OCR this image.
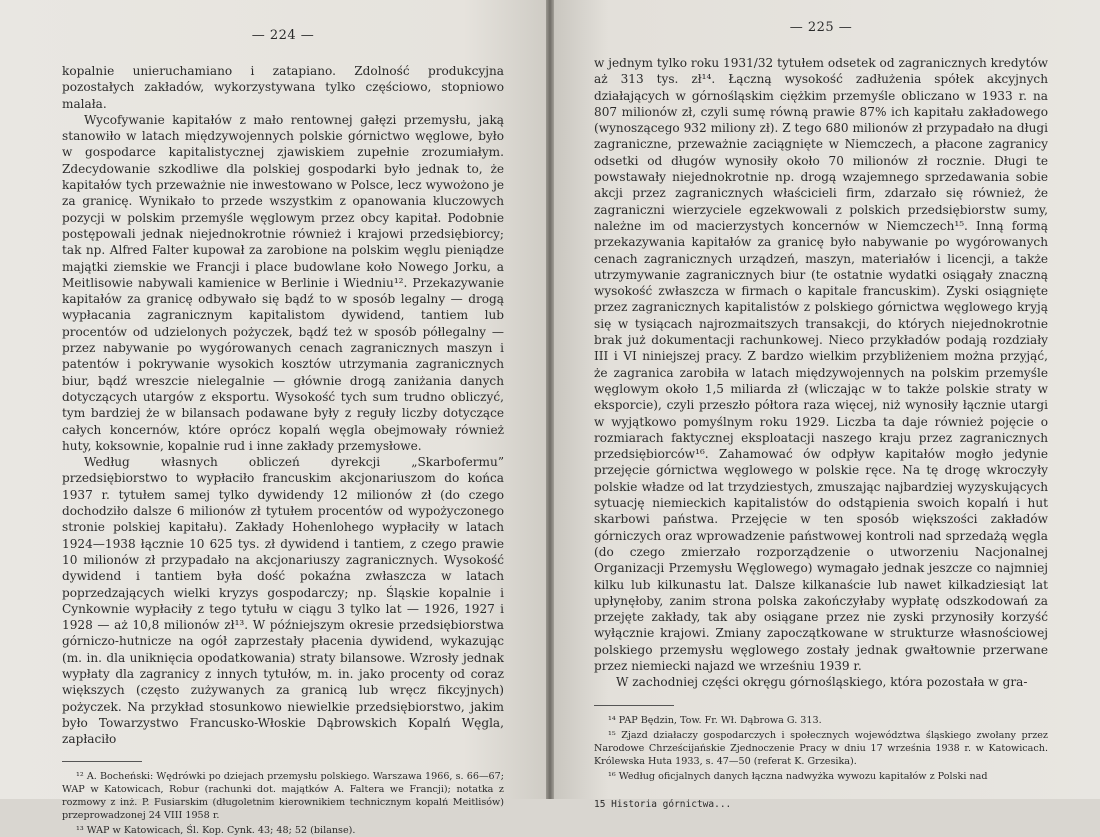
— 224 —

kopalnie unieruchamiano i zatapiano. Zdolność produkcyjna pozostałych zakładów, wykorzystywana tylko częściowo, stopniowo malała.

Wycofywanie kapitałów z mało rentownej gałęzi przemysłu, jaką stanowiło w latach międzywojennych polskie górnictwo węglowe, było w gospodarce kapitalistycznej zjawiskiem zupełnie zrozumiałym. Zdecydowanie szkodliwe dla polskiej gospodarki było jednak to, że kapitałów tych przeważnie nie inwestowano w Polsce, lecz wywożono je za granicę. Wynikało to przede wszystkim z opanowania kluczowych pozycji w polskim przemyśle węglowym przez obcy kapitał. Podobnie postępowali jednak niejednokrotnie również i krajowi przedsiębiorcy; tak np. Alfred Falter kupował za zarobione na polskim węglu pieniądze majątki ziemskie we Francji i place budowlane koło Nowego Jorku, a Meitlisowie nabywali kamienice w Berlinie i Wiedniu¹². Przekazywanie kapitałów za granicę odbywało się bądź to w sposób legalny — drogą wypłacania zagranicznym kapitalistom dywidend, tantiem lub procentów od udzielonych pożyczek, bądź też w sposób półlegalny — przez nabywanie po wygórowanych cenach zagranicznych maszyn i patentów i pokrywanie wysokich kosztów utrzymania zagranicznych biur, bądź wreszcie nielegalnie — głównie drogą zaniżania danych dotyczących utargów z eksportu. Wysokość tych sum trudno obliczyć, tym bardziej że w bilansach podawane były z reguły liczby dotyczące całych koncernów, które oprócz kopalń węgla obejmowały również huty, koksownie, kopalnie rud i inne zakłady przemysłowe.

Według własnych obliczeń dyrekcji „Skarbofermu” przedsiębiorstwo to wypłaciło francuskim akcjonariuszom do końca 1937 r. tytułem samej tylko dywidendy 12 milionów zł (do czego dochodziło dalsze 6 milionów zł tytułem procentów od wypożyczonego stronie polskiej kapitału). Zakłady Hohenlohego wypłaciły w latach 1924—1938 łącznie 10 625 tys. zł dywidend i tantiem, z czego prawie 10 milionów zł przypadało na akcjonariuszy zagranicznych. Wysokość dywidend i tantiem była dość pokaźna zwłaszcza w latach poprzedzających wielki kryzys gospodarczy; np. Śląskie kopalnie i Cynkownie wypłaciły z tego tytułu w ciągu 3 tylko lat — 1926, 1927 i 1928 — aż 10,8 milionów zł¹³. W późniejszym okresie przedsiębiorstwa górniczo-hutnicze na ogół zaprzestały płacenia dywidend, wykazując (m. in. dla uniknięcia opodatkowania) straty bilansowe. Wzrosły jednak wypłaty dla zagranicy z innych tytułów, m. in. jako procenty od coraz większych (często zużywanych za granicą lub wręcz fikcyjnych) pożyczek. Na przykład stosunkowo niewielkie przedsiębiorstwo, jakim było Towarzystwo Francusko-Włoskie Dąbrowskich Kopalń Węgla, zapłaciło

¹² A. Bocheński: Wędrówki po dziejach przemysłu polskiego. Warszawa 1966, s. 66—67; WAP w Katowicach, Robur (rachunki dot. majątków A. Faltera we Francji); notatka z rozmowy z inż. P. Fusiarskim (długoletnim kierownikiem technicznym kopalń Meitlisów) przeprowadzonej 24 VIII 1958 r.

¹³ WAP w Katowicach, Śl. Kop. Cynk. 43; 48; 52 (bilanse).

— 225 —

w jednym tylko roku 1931/32 tytułem odsetek od zagranicznych kredytów aż 313 tys. zł¹⁴. Łączną wysokość zadłużenia spółek akcyjnych działających w górnośląskim ciężkim przemyśle obliczano w 1933 r. na 807 milionów zł, czyli sumę równą prawie 87% ich kapitału zakładowego (wynoszącego 932 miliony zł). Z tego 680 milionów zł przypadało na długi zagraniczne, przeważnie zaciągnięte w Niemczech, a płacone zagranicy odsetki od długów wynosiły około 70 milionów zł rocznie. Długi te powstawały niejednokrotnie np. drogą wzajemnego sprzedawania sobie akcji przez zagranicznych właścicieli firm, zdarzało się również, że zagraniczni wierzyciele egzekwowali z polskich przedsiębiorstw sumy, należne im od macierzystych koncernów w Niemczech¹⁵. Inną formą przekazywania kapitałów za granicę było nabywanie po wygórowanych cenach zagranicznych urządzeń, maszyn, materiałów i licencji, a także utrzymywanie zagranicznych biur (te ostatnie wydatki osiągały znaczną wysokość zwłaszcza w firmach o kapitale francuskim). Zyski osiągnięte przez zagranicznych kapitalistów z polskiego górnictwa węglowego kryją się w tysiącach najrozmaitszych transakcji, do których niejednokrotnie brak już dokumentacji rachunkowej. Nieco przykładów podają rozdziały III i VI niniejszej pracy. Z bardzo wielkim przybliżeniem można przyjąć, że zagranica zarobiła w latach międzywojennych na polskim przemyśle węglowym około 1,5 miliarda zł (wliczając w to także polskie straty w eksporcie), czyli przeszło półtora raza więcej, niż wynosiły łącznie utargi w wyjątkowo pomyślnym roku 1929. Liczba ta daje również pojęcie o rozmiarach faktycznej eksploatacji naszego kraju przez zagranicznych przedsiębiorców¹⁶. Zahamować ów odpływ kapitałów mogło jedynie przejęcie górnictwa węglowego w polskie ręce. Na tę drogę wkroczyły polskie władze od lat trzydziestych, zmuszając najbardziej wyzyskujących sytuację niemieckich kapitalistów do odstąpienia swoich kopalń i hut skarbowi państwa. Przejęcie w ten sposób większości zakładów górniczych oraz wprowadzenie państwowej kontroli nad sprzedażą węgla (do czego zmierzało rozporządzenie o utworzeniu Nacjonalnej Organizacji Przemysłu Węglowego) wymagało jednak jeszcze co najmniej kilku lub kilkunastu lat. Dalsze kilkanaście lub nawet kilkadziesiąt lat upłynęłoby, zanim strona polska zakończyłaby wypłatę odszkodowań za przejęte zakłady, tak aby osiągane przez nie zyski przynosiły korzyść wyłącznie krajowi. Zmiany zapoczątkowane w strukturze własnościowej polskiego przemysłu węglowego zostały jednak gwałtownie przerwane przez niemiecki najazd we wrześniu 1939 r.

W zachodniej części okręgu górnośląskiego, która pozostała w gra-

¹⁴ PAP Będzin, Tow. Fr. Wł. Dąbrowa G. 313.

¹⁵ Zjazd działaczy gospodarczych i społecznych województwa śląskiego zwołany przez Narodowe Chrześcijańskie Zjednoczenie Pracy w dniu 17 września 1938 r. w Katowicach. Królewska Huta 1933, s. 47—50 (referat K. Grzesika).

¹⁶ Według oficjalnych danych łączna nadwyżka wywozu kapitałów z Polski nad

15 Historia górnictwa...
